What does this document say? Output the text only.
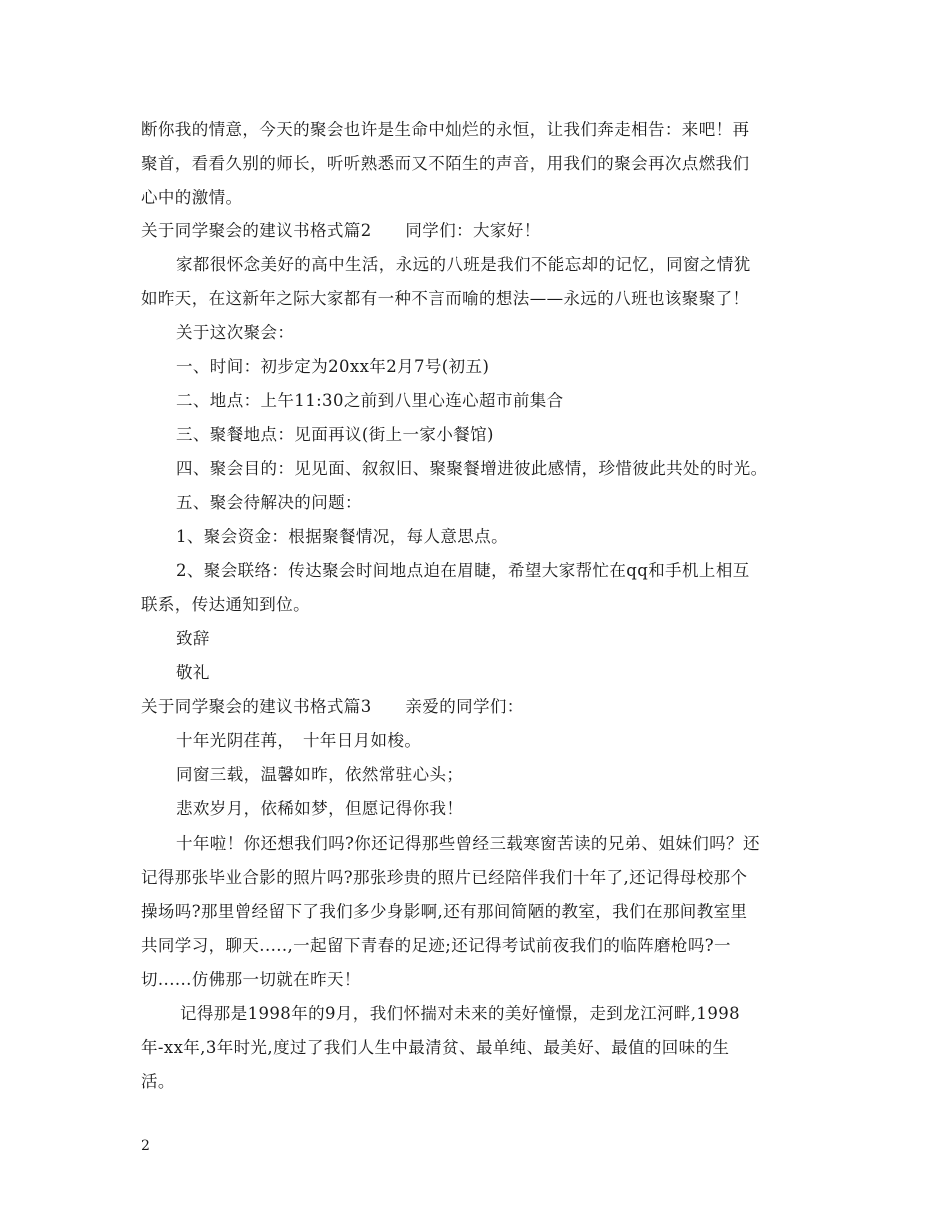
断你我的情意，今天的聚会也许是生命中灿烂的永恒，让我们奔走相告：来吧！再
聚首，看看久别的师长，听听熟悉而又不陌生的声音，用我们的聚会再次点燃我们
心中的激情。
关于同学聚会的建议书格式篇2　　同学们：大家好！
家都很怀念美好的高中生活，永远的八班是我们不能忘却的记忆，同窗之情犹
如昨天，在这新年之际大家都有一种不言而喻的想法——永远的八班也该聚聚了！
关于这次聚会：
一、时间：初步定为20xx年2月7号(初五)
二、地点：上午11:30之前到八里心连心超市前集合
三、聚餐地点：见面再议(街上一家小餐馆)
四、聚会目的：见见面、叙叙旧、聚聚餐增进彼此感情，珍惜彼此共处的时光。
五、聚会待解决的问题：
1、聚会资金：根据聚餐情况，每人意思点。
2、聚会联络：传达聚会时间地点迫在眉睫，希望大家帮忙在qq和手机上相互
联系，传达通知到位。
致辞
敬礼
关于同学聚会的建议书格式篇3　　亲爱的同学们：
十年光阴荏苒，　十年日月如梭。
同窗三载，温馨如昨，依然常驻心头；
悲欢岁月，依稀如梦，但愿记得你我！
十年啦！你还想我们吗?你还记得那些曾经三载寒窗苦读的兄弟、姐妹们吗？还
记得那张毕业合影的照片吗?那张珍贵的照片已经陪伴我们十年了,还记得母校那个
操场吗?那里曾经留下了我们多少身影啊,还有那间简陋的教室，我们在那间教室里
共同学习，聊天.....,一起留下青春的足迹;还记得考试前夜我们的临阵磨枪吗?一
切......仿佛那一切就在昨天！
记得那是1998年的9月，我们怀揣对未来的美好憧憬，走到龙江河畔,1998
年-xx年,3年时光,度过了我们人生中最清贫、最单纯、最美好、最值的回味的生
活。
2
